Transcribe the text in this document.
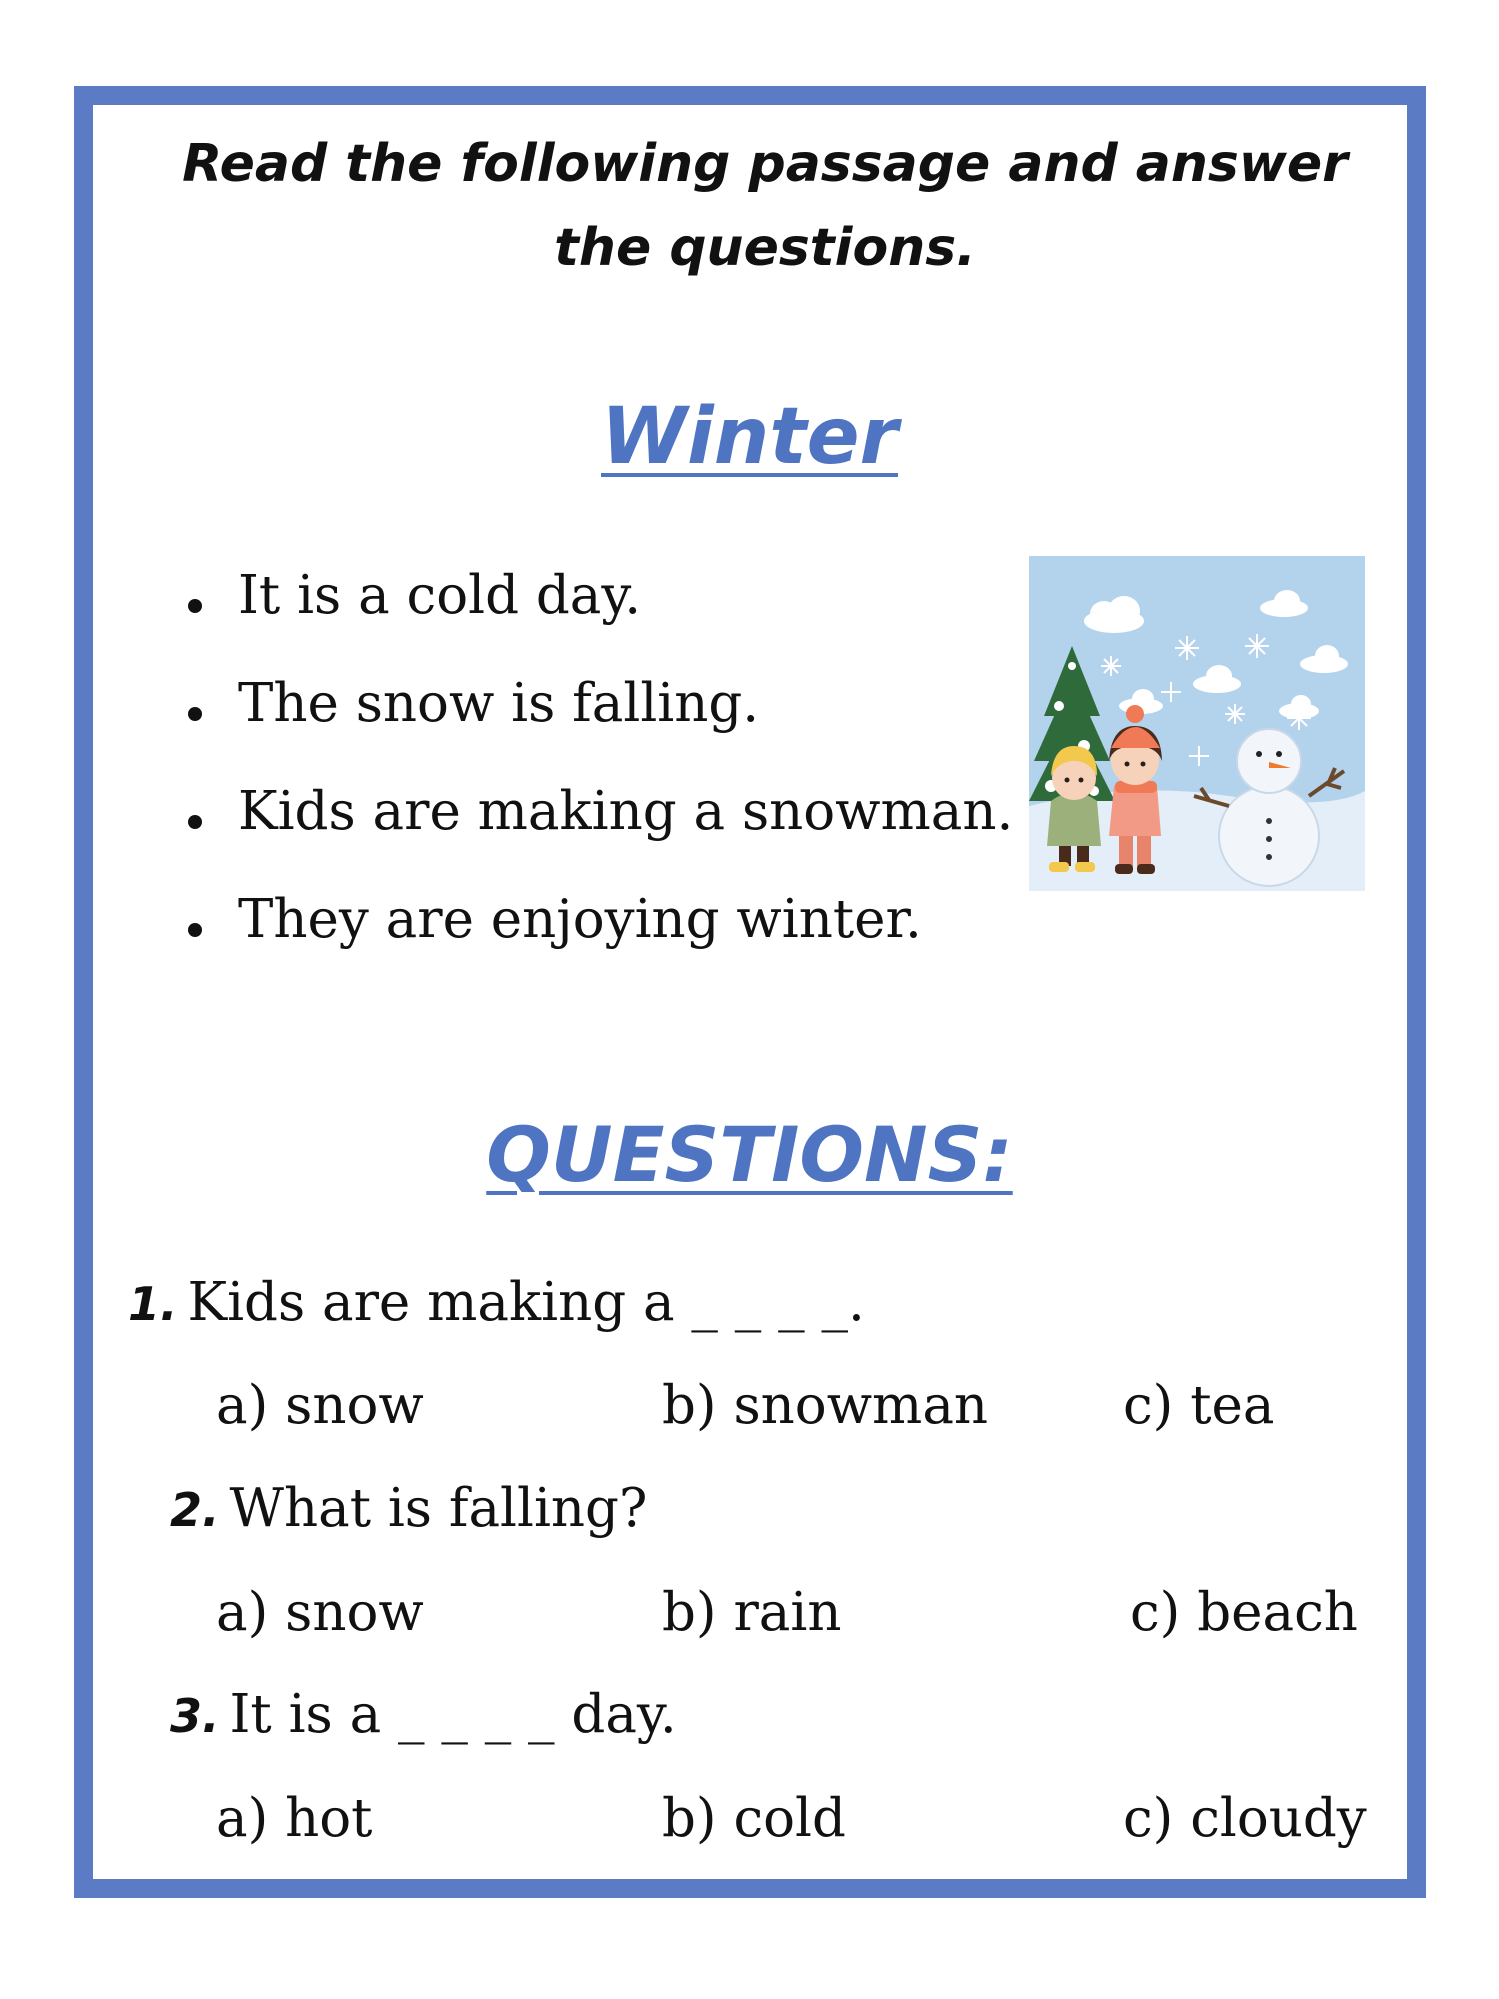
Read the following passage and answer the questions.

Winter
It is a cold day.
The snow is falling.
Kids are making a snowman.
They are enjoying winter.
QUESTIONS:
1. Kids are making a _ _ _ _.
a) snow	b) snowman	c) tea
2. What is falling?
a) snow	b) rain	c) beach
3. It is a _ _ _ _ day.
a) hot	b) cold	c) cloudy
